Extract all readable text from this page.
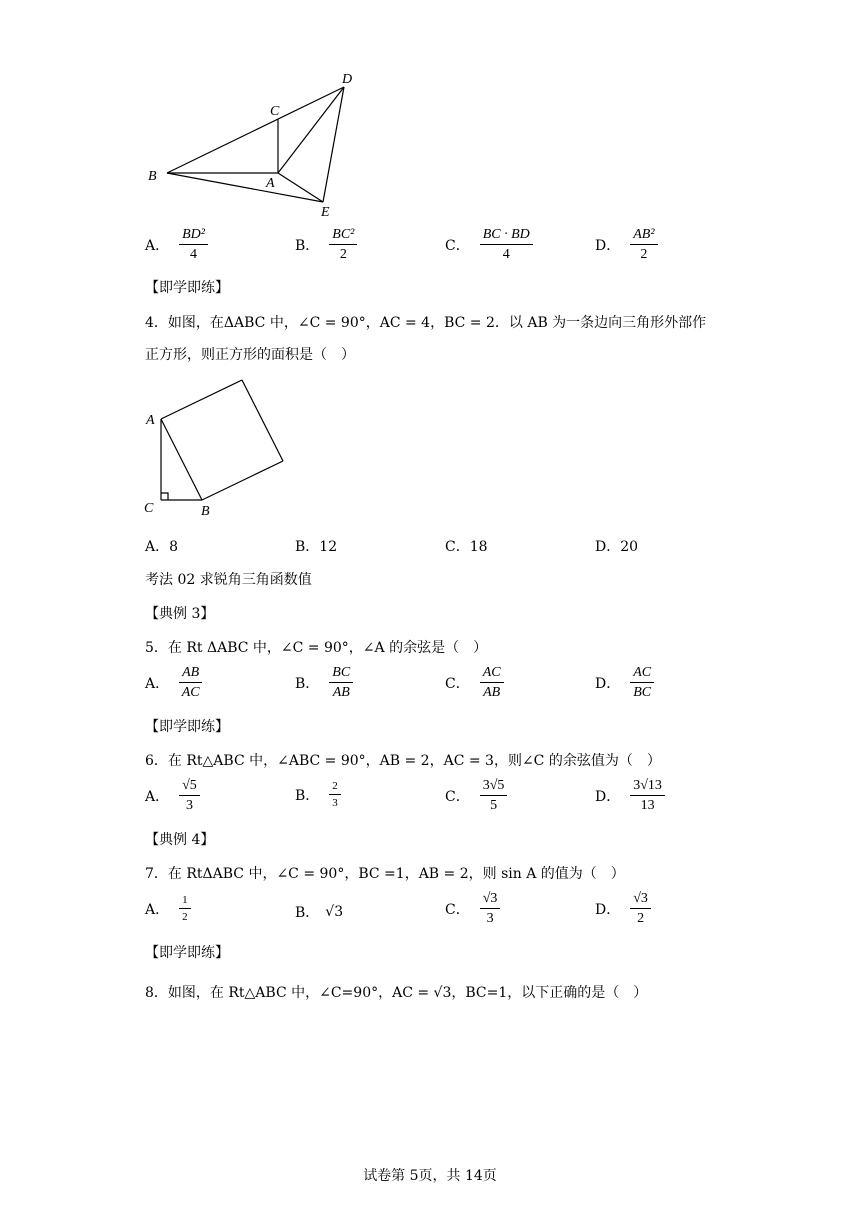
B
C
A
D
E
A． $\frac{\text{BD²}}{4}$	B． $\frac{\text{BC²}}{2}$	C． $\frac{BC \cdot BD}{4}$	D． $\frac{\text{AB²}}{2}$
【即学即练】
4．如图，在ΔABC 中，∠C = 90°，AC = 4，BC = 2．以 AB 为一条边向三角形外部作
正方形，则正方形的面积是（　）
A
C	B
A．8	B．12	C．18	D．20
考法 02 求锐角三角函数值
【典例 3】
5．在 Rt ΔABC 中，∠C = 90°，∠A 的余弦是（　）
A． $\frac{AB}{AC}$	B． $\frac{BC}{AB}$	C． $\frac{AC}{AB}$	D． $\frac{AC}{BC}$
【即学即练】
6．在 Rt△ABC 中，∠ABC = 90°，AB = 2，AC = 3，则∠C 的余弦值为（　）
A． $\frac{√5}{3}$	B． $\frac{2}{3}$	C． $\frac{3√5}{5}$	D． $\frac{3√13}{13}$
【典例 4】
7．在 RtΔABC 中，∠C = 90°，BC =1，AB = 2，则 sin A 的值为（　）
A． $\frac{1}{2}$	B． √3	C． $\frac{√3}{3}$	D． $\frac{√3}{2}$
【即学即练】
8．如图，在 Rt△ABC 中，∠C=90°，AC = √3，BC=1，以下正确的是（　）
试卷第 5页，共 14页
